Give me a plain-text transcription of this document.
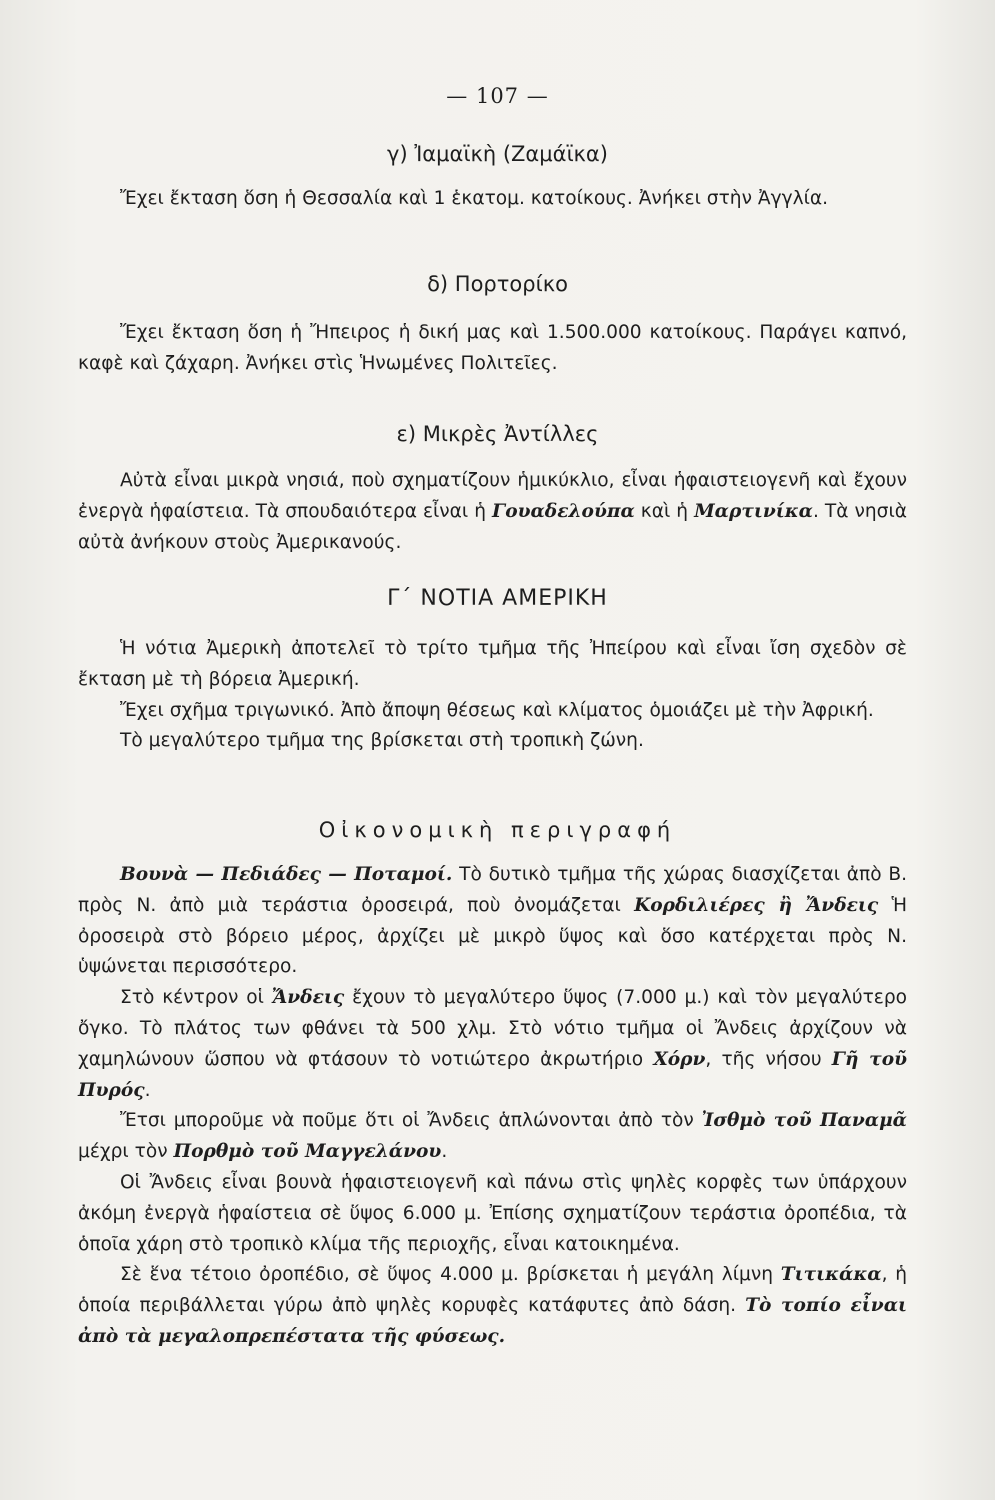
— 107 —
γ) Ἰαμαϊκὴ (Ζαμάϊκα)

Ἔχει ἔκταση ὅση ἡ Θεσσαλία καὶ 1 ἑκατομ. κατοίκους. Ἀνήκει στὴν Ἀγγλία.

δ) Πορτορίκο

Ἔχει ἔκταση ὅση ἡ Ἤπειρος ἡ δική μας καὶ 1.500.000 κατοίκους. Παράγει καπνό, καφὲ καὶ ζάχαρη. Ἀνήκει στὶς Ἡνωμένες Πολιτεῖες.

ε) Μικρὲς Ἀντίλλες

Αὐτὰ εἶναι μικρὰ νησιά, ποὺ σχηματίζουν ἡμικύκλιο, εἶναι ἡφαιστειογενῆ καὶ ἔχουν ἐνεργὰ ἡφαίστεια. Τὰ σπουδαιότερα εἶναι ἡ Γουαδελούπα καὶ ἡ Μαρτινίκα. Τὰ νησιὰ αὐτὰ ἀνήκουν στοὺς Ἀμερικανούς.

Γ΄ ΝΟΤΙΑ ΑΜΕΡΙΚΗ

Ἡ νότια Ἀμερικὴ ἀποτελεῖ τὸ τρίτο τμῆμα τῆς Ἠπείρου καὶ εἶναι ἴση σχεδὸν σὲ ἔκταση μὲ τὴ βόρεια Ἀμερική.

Ἔχει σχῆμα τριγωνικό. Ἀπὸ ἄποψη θέσεως καὶ κλίματος ὁμοιάζει μὲ τὴν Ἀφρική.

Τὸ μεγαλύτερο τμῆμα της βρίσκεται στὴ τροπικὴ ζώνη.

Οἰκονομικὴ περιγραφή

Βουνὰ — Πεδιάδες — Ποταμοί. Τὸ δυτικὸ τμῆμα τῆς χώρας διασχίζεται ἀπὸ Β. πρὸς Ν. ἀπὸ μιὰ τεράστια ὀροσειρά, ποὺ ὀνομάζεται Κορδιλιέρες ἢ Ἄνδεις Ἡ ὀροσειρὰ στὸ βόρειο μέρος, ἀρχίζει μὲ μικρὸ ὕψος καὶ ὅσο κατέρχεται πρὸς Ν. ὑψώνεται περισσότερο.

Στὸ κέντρον οἱ Ἄνδεις ἔχουν τὸ μεγαλύτερο ὕψος (7.000 μ.) καὶ τὸν μεγαλύτερο ὄγκο. Τὸ πλάτος των φθάνει τὰ 500 χλμ. Στὸ νότιο τμῆμα οἱ Ἄνδεις ἀρχίζουν νὰ χαμηλώνουν ὥσπου νὰ φτάσουν τὸ νοτιώτερο ἀκρωτήριο Χόρν, τῆς νήσου Γῆ τοῦ Πυρός.

Ἔτσι μποροῦμε νὰ ποῦμε ὅτι οἱ Ἄνδεις ἁπλώνονται ἀπὸ τὸν Ἰσθμὸ τοῦ Παναμᾶ μέχρι τὸν Πορθμὸ τοῦ Μαγγελάνου.

Οἱ Ἄνδεις εἶναι βουνὰ ἡφαιστειογενῆ καὶ πάνω στὶς ψηλὲς κορφὲς των ὑπάρχουν ἀκόμη ἐνεργὰ ἡφαίστεια σὲ ὕψος 6.000 μ. Ἐπίσης σχηματίζουν τεράστια ὀροπέδια, τὰ ὁποῖα χάρη στὸ τροπικὸ κλίμα τῆς περιοχῆς, εἶναι κατοικημένα.

Σὲ ἕνα τέτοιο ὀροπέδιο, σὲ ὕψος 4.000 μ. βρίσκεται ἡ μεγάλη λίμνη Τιτικάκα, ἡ ὁποία περιβάλλεται γύρω ἀπὸ ψηλὲς κορυφὲς κατάφυτες ἀπὸ δάση. Τὸ τοπίο εἶναι ἀπὸ τὰ μεγαλοπρεπέστατα τῆς φύσεως.
